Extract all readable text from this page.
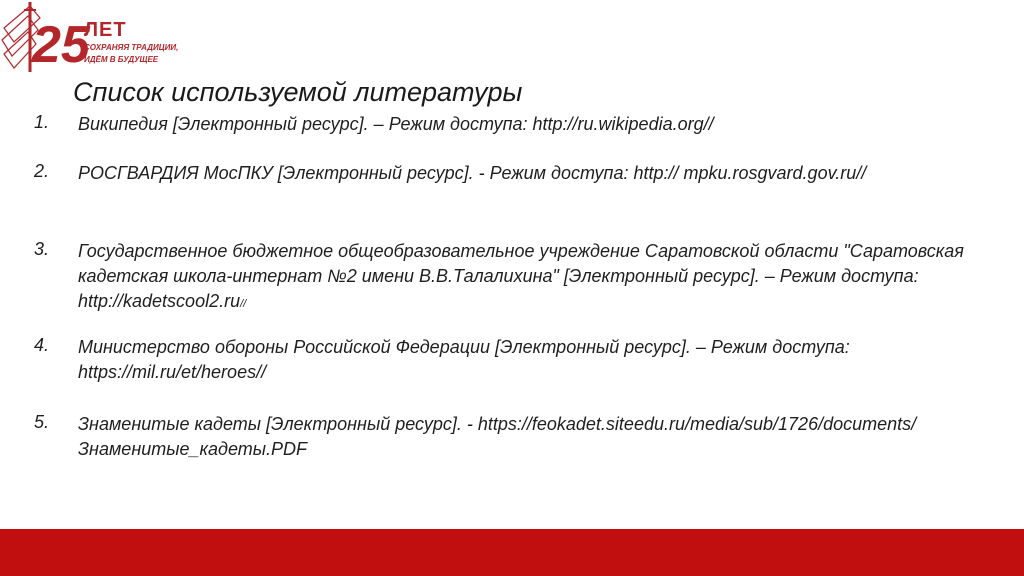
25
ЛЕТ
СОХРАНЯЯ ТРАДИЦИИ,
ИДЁМ В БУДУЩЕЕ
Список используемой литературы
1.	Википедия [Электронный ресурс]. – Режим доступа: http://ru.wikipedia.org//
2.	РОСГВАРДИЯ МосПКУ [Электронный ресурс]. - Режим доступа: http:// mpku.rosgvard.gov.ru//
3.	Государственное бюджетное общеобразовательное учреждение Саратовской области "Саратовская кадетская школа-интернат №2 имени В.В.Талалихина" [Электронный ресурс]. – Режим доступа: http://kadetscool2.ru//
4.	Министерство обороны Российской Федерации [Электронный ресурс]. – Режим доступа: https://mil.ru/et/heroes//
5.	Знаменитые кадеты [Электронный ресурс]. - https://feokadet.siteedu.ru/media/sub/1726/documents/Знаменитые_кадеты.PDF
